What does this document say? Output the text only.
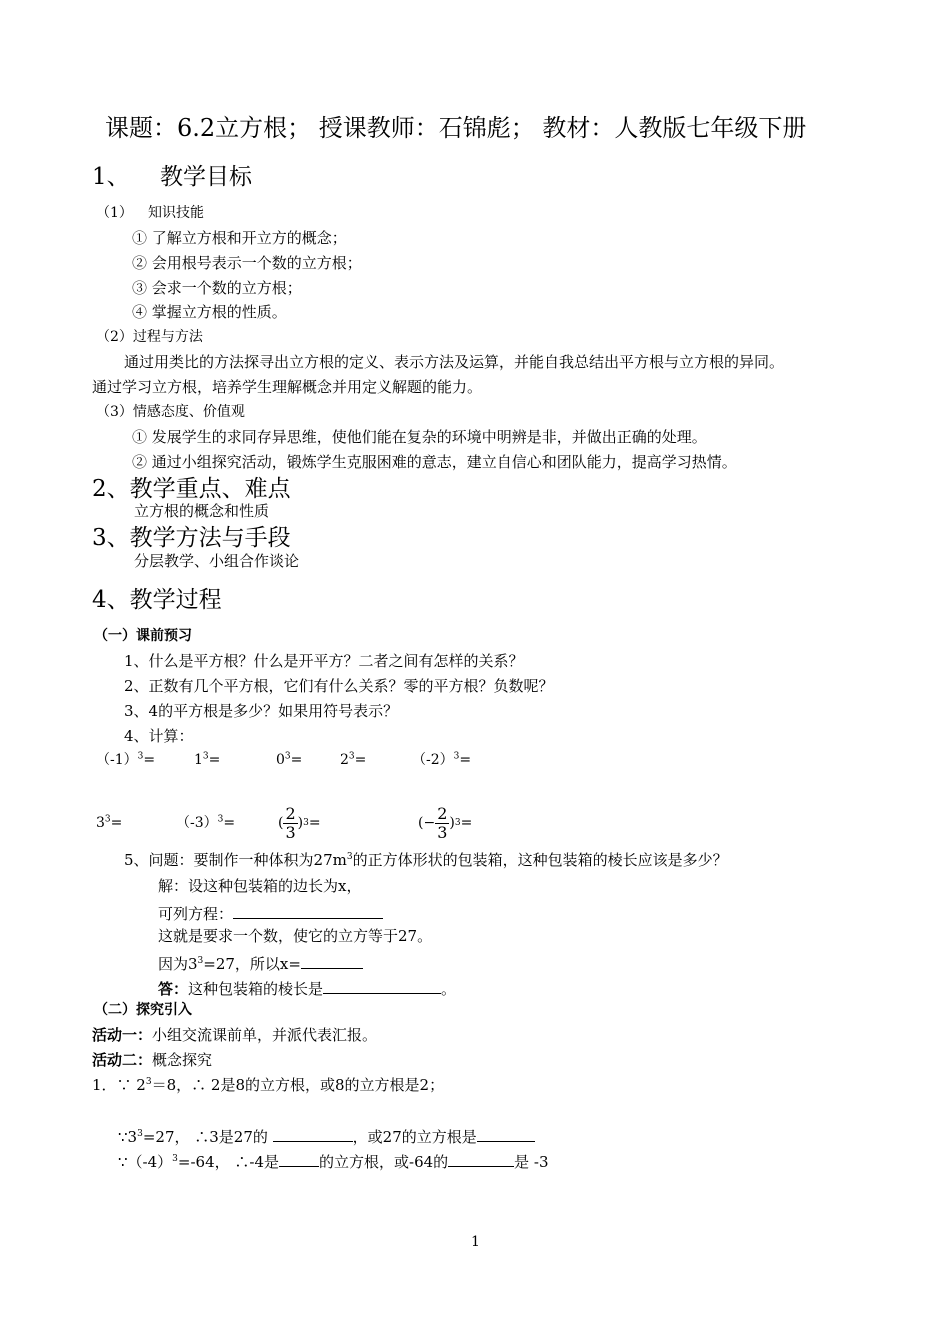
课题：6.2立方根； 授课教师：石锦彪； 教材：人教版七年级下册
1、 教学目标
（1） 知识技能
① 了解立方根和开立方的概念；
② 会用根号表示一个数的立方根；
③ 会求一个数的立方根；
④ 掌握立方根的性质。
（2）过程与方法
通过用类比的方法探寻出立方根的定义、表示方法及运算，并能自我总结出平方根与立方根的异同。
通过学习立方根，培养学生理解概念并用定义解题的能力。
（3）情感态度、价值观
① 发展学生的求同存异思维，使他们能在复杂的环境中明辨是非，并做出正确的处理。
② 通过小组探究活动，锻炼学生克服困难的意志，建立自信心和团队能力，提高学习热情。
2、教学重点、难点
立方根的概念和性质
3、教学方法与手段
分层教学、小组合作谈论
4、教学过程
（一）课前预习
1、什么是平方根？什么是开平方？二者之间有怎样的关系？
2、正数有几个平方根，它们有什么关系？零的平方根？负数呢？
3、4的平方根是多少？如果用符号表示？
4、计算：
$(-1)^3=$	$1^3=$	$0^3=$	$2^3=$	$(-2)^3=$
$3^3=$	$(-3)^3=$	( $\frac{2}{3}$ ) 3 =	(− $\frac{2}{3}$ ) 3 =
5、问题：要制作一种体积为$27m^3$的正方体形状的包装箱，这种包装箱的棱长应该是多少？
解：设这种包装箱的边长为x，
可列方程：
这就是要求一个数，使它的立方等于27。
因为$3^3=27$，所以x=
答：这种包装箱的棱长是	。
（二）探究引入
活动一：小组交流课前单，并派代表汇报。
活动二：概念探究
1．∵ $2^3=8$，∴ 2是8的立方根，或8的立方根是2；
$\because 3^3=27$， ∴3是27的	，或27的立方根是
$\because(-4)^3=-64$， ∴-4是	的立方根，或-64的	是 -3
1
